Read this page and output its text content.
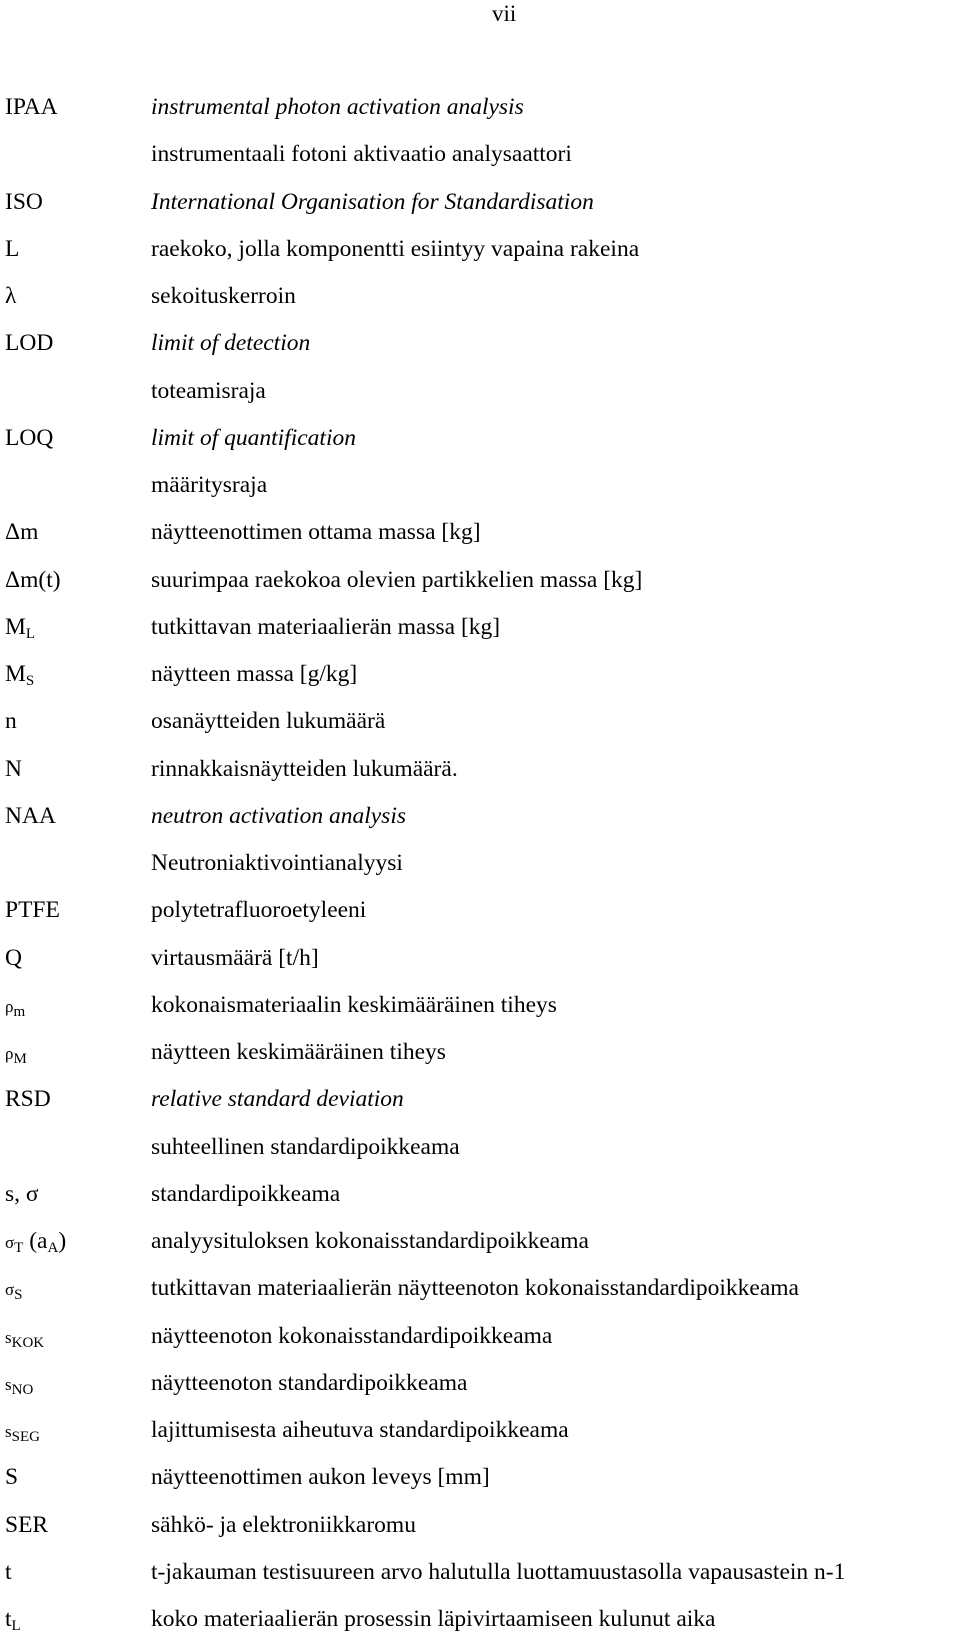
vii
IPAA	instrumental photon activation analysis
instrumentaali fotoni aktivaatio analysaattori
ISO	International Organisation for Standardisation
L	raekoko, jolla komponentti esiintyy vapaina rakeina
λ	sekoituskerroin
LOD	limit of detection
toteamisraja
LOQ	limit of quantification
määritysraja
Δm	näytteenottimen ottama massa [kg]
Δm(t)	suurimpaa raekokoa olevien partikkelien massa [kg]
$M_L$	tutkittavan materiaalierän massa [kg]
$M_S$	näytteen massa [g/kg]
n	osanäytteiden lukumäärä
N	rinnakkaisnäytteiden lukumäärä.
NAA	neutron activation analysis
Neutroniaktivointianalyysi
PTFE	polytetrafluoroetyleeni
Q	virtausmäärä [t/h]
$\rho_m$	kokonaismateriaalin keskimääräinen tiheys
$\rho_M$	näytteen keskimääräinen tiheys
RSD	relative standard deviation
suhteellinen standardipoikkeama
s, σ	standardipoikkeama
$\sigma_T$ $(a_A)$	analyysituloksen kokonaisstandardipoikkeama
$\sigma_S$	tutkittavan materiaalierän näytteenoton kokonaisstandardipoikkeama
$s_{KOK}$	näytteenoton kokonaisstandardipoikkeama
$s_{NO}$	näytteenoton standardipoikkeama
$s_{SEG}$	lajittumisesta aiheutuva standardipoikkeama
S	näytteenottimen aukon leveys [mm]
SER	sähkö- ja elektroniikkaromu
t	t-jakauman testisuureen arvo halutulla luottamuustasolla vapausastein n-1
$t_L$	koko materiaalierän prosessin läpivirtaamiseen kulunut aika
